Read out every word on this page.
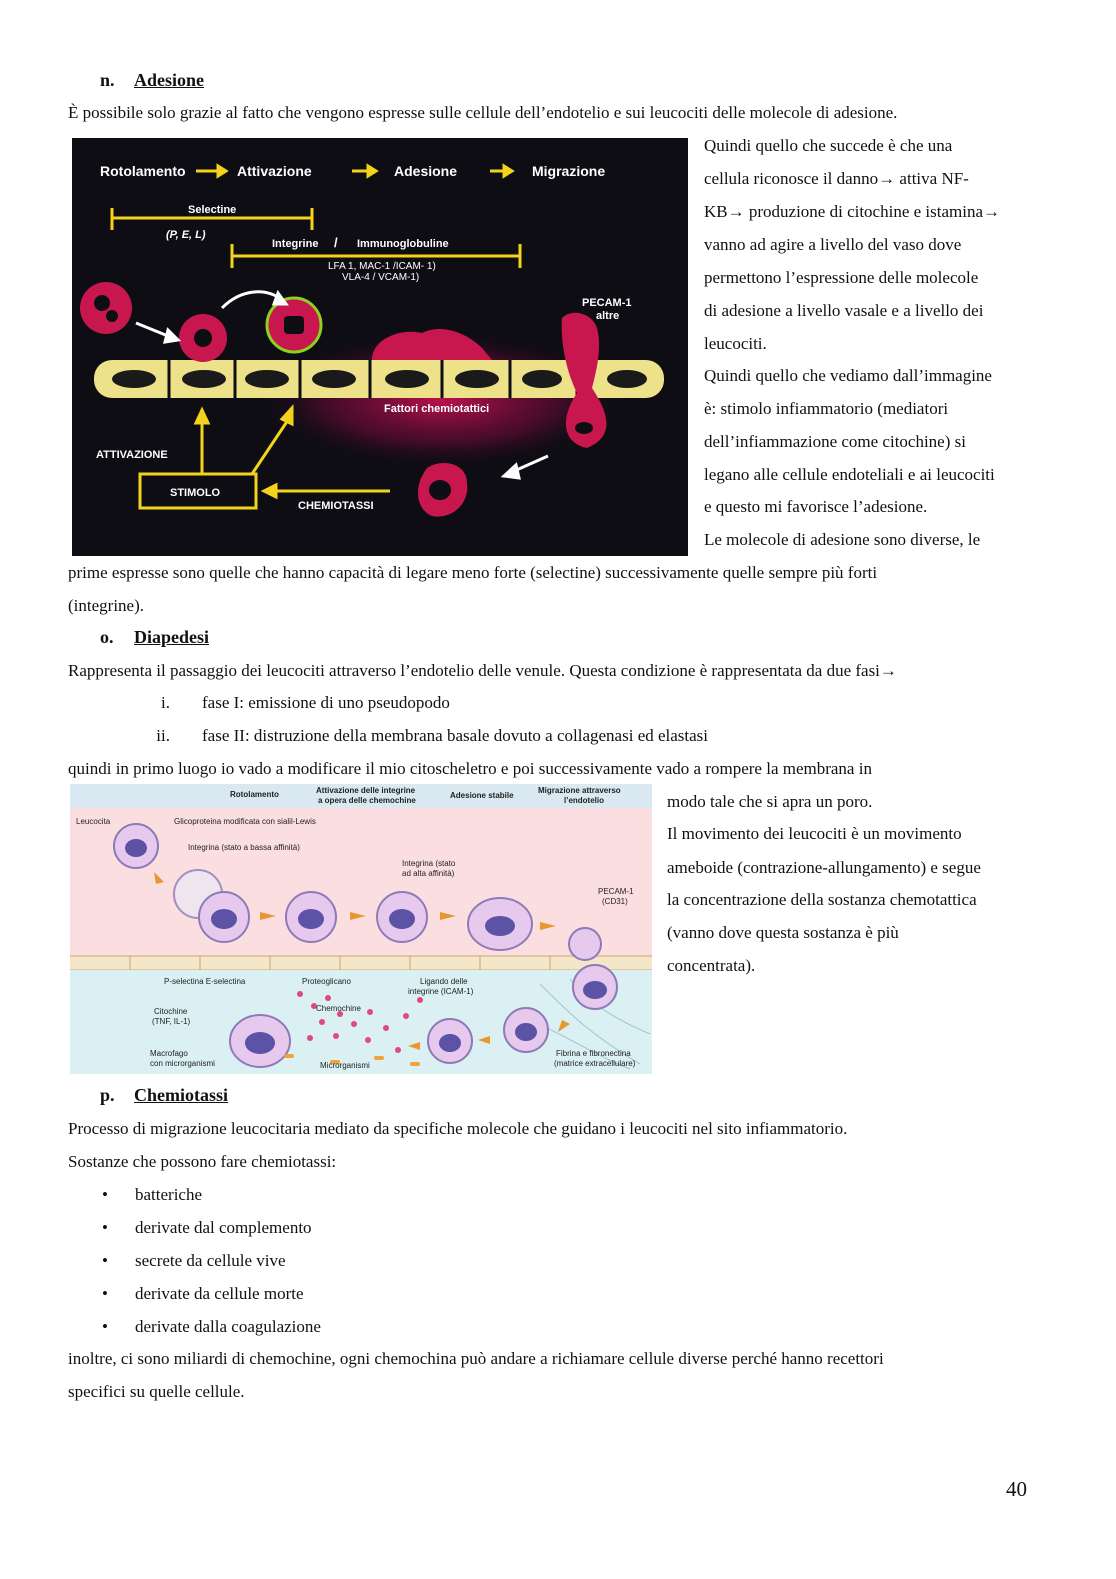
n. Adesione
È possibile solo grazie al fatto che vengono espresse sulle cellule dell’endotelio e sui leucociti delle molecole di adesione.
Rotolamento	Attivazione	Adesione	Migrazione
Selectine
(P, E, L)
Integrine / Immunoglobuline
LFA 1, MAC-1 /ICAM- 1)
VLA-4 / VCAM-1)
PECAM-1
altre
Fattori chemiotattici
ATTIVAZIONE
STIMOLO
CHEMIOTASSI
Quindi quello che succede è che una
cellula riconosce il danno→ attiva NF-
KB→ produzione di citochine e istamina→
vanno ad agire a livello del vaso dove
permettono l’espressione delle molecole
di adesione a livello vasale e a livello dei
leucociti.
Quindi quello che vediamo dall’immagine
è: stimolo infiammatorio (mediatori
dell’infiammazione come citochine) si
legano alle cellule endoteliali e ai leucociti
e questo mi favorisce l’adesione.
Le molecole di adesione sono diverse, le
prime espresse sono quelle che hanno capacità di legare meno forte (selectine) successivamente quelle sempre più forti
(integrine).
o. Diapedesi
Rappresenta il passaggio dei leucociti attraverso l’endotelio delle venule. Questa condizione è rappresentata da due fasi→
i. fase I: emissione di uno pseudopodo
ii. fase II: distruzione della membrana basale dovuto a collagenasi ed elastasi
quindi in primo luogo io vado a modificare il mio citoscheletro e poi successivamente vado a rompere la membrana in
Rotolamento	Attivazione delle integrine
a opera delle chemochine
Adesione stabile
Migrazione attraverso
l’endotelio
Leucocita	Glicoproteina modificata con sialil-Lewis
Integrina (stato a bassa affinità)
Integrina (stato
ad alta affinità)
PECAM-1
(CD31)
P-selectina E-selectina	Proteoglicano	Ligando delle
integrine (ICAM-1)
Citochine
(TNF, IL-1)
Chemochine
Macrofago
con microrganismi	Microrganismi
Fibrina e fibronectina
(matrice extracellulare)
modo tale che si apra un poro.
Il movimento dei leucociti è un movimento
ameboide (contrazione-allungamento) e segue
la concentrazione della sostanza chemotattica
(vanno dove questa sostanza è più
concentrata).
p. Chemiotassi
Processo di migrazione leucocitaria mediato da specifiche molecole che guidano i leucociti nel sito infiammatorio.
Sostanze che possono fare chemiotassi:
• batteriche
• derivate dal complemento
• secrete da cellule vive
• derivate da cellule morte
• derivate dalla coagulazione
inoltre, ci sono miliardi di chemochine, ogni chemochina può andare a richiamare cellule diverse perché hanno recettori
specifici su quelle cellule.
40
